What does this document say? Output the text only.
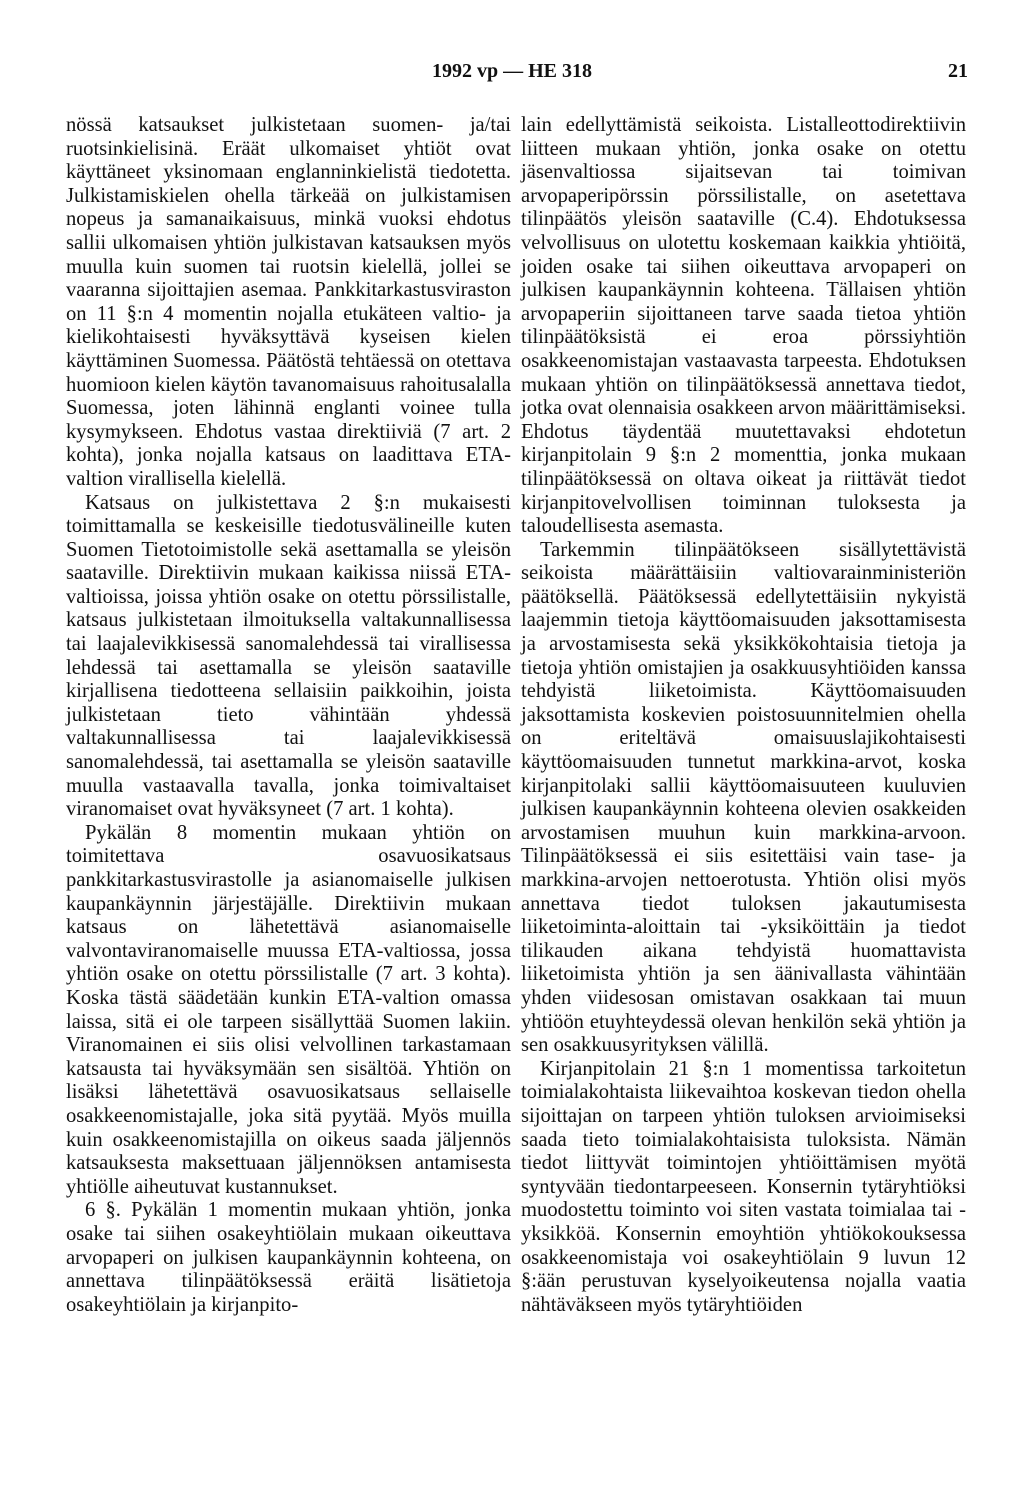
1992 vp — HE 318	21

nössä katsaukset julkistetaan suomen- ja/tai ruotsinkielisinä. Eräät ulkomaiset yhtiöt ovat käyttäneet yksinomaan englanninkielistä tiedotetta. Julkistamiskielen ohella tärkeää on julkistamisen nopeus ja samanaikaisuus, minkä vuoksi ehdotus sallii ulkomaisen yhtiön julkistavan katsauksen myös muulla kuin suomen tai ruotsin kielellä, jollei se vaaranna sijoittajien asemaa. Pankkitarkastusviraston on 11 §:n 4 momentin nojalla etukäteen valtio- ja kielikohtaisesti hyväksyttävä kyseisen kielen käyttäminen Suomessa. Päätöstä tehtäessä on otettava huomioon kielen käytön tavanomaisuus rahoitusalalla Suomessa, joten lähinnä englanti voinee tulla kysymykseen. Ehdotus vastaa direktiiviä (7 art. 2 kohta), jonka nojalla katsaus on laadittava ETA-valtion virallisella kielellä.

Katsaus on julkistettava 2 §:n mukaisesti toimittamalla se keskeisille tiedotusvälineille kuten Suomen Tietotoimistolle sekä asettamalla se yleisön saataville. Direktiivin mukaan kaikissa niissä ETA-valtioissa, joissa yhtiön osake on otettu pörssilistalle, katsaus julkistetaan ilmoituksella valtakunnallisessa tai laajalevikkisessä sanomalehdessä tai virallisessa lehdessä tai asettamalla se yleisön saataville kirjallisena tiedotteena sellaisiin paikkoihin, joista julkistetaan tieto vähintään yhdessä valtakunnallisessa tai laajalevikkisessä sanomalehdessä, tai asettamalla se yleisön saataville muulla vastaavalla tavalla, jonka toimivaltaiset viranomaiset ovat hyväksyneet (7 art. 1 kohta).

Pykälän 8 momentin mukaan yhtiön on toimitettava osavuosikatsaus pankkitarkastusvirastolle ja asianomaiselle julkisen kaupankäynnin järjestäjälle. Direktiivin mukaan katsaus on lähetettävä asianomaiselle valvontaviranomaiselle muussa ETA-valtiossa, jossa yhtiön osake on otettu pörssilistalle (7 art. 3 kohta). Koska tästä säädetään kunkin ETA-valtion omassa laissa, sitä ei ole tarpeen sisällyttää Suomen lakiin. Viranomainen ei siis olisi velvollinen tarkastamaan katsausta tai hyväksymään sen sisältöä. Yhtiön on lisäksi lähetettävä osavuosikatsaus sellaiselle osakkeenomistajalle, joka sitä pyytää. Myös muilla kuin osakkeenomistajilla on oikeus saada jäljennös katsauksesta maksettuaan jäljennöksen antamisesta yhtiölle aiheutuvat kustannukset.

6 §. Pykälän 1 momentin mukaan yhtiön, jonka osake tai siihen osakeyhtiölain mukaan oikeuttava arvopaperi on julkisen kaupankäynnin kohteena, on annettava tilinpäätöksessä eräitä lisätietoja osakeyhtiölain ja kirjanpito-

lain edellyttämistä seikoista. Listalleottodirektiivin liitteen mukaan yhtiön, jonka osake on otettu jäsenvaltiossa sijaitsevan tai toimivan arvopaperipörssin pörssilistalle, on asetettava tilinpäätös yleisön saataville (C.4). Ehdotuksessa velvollisuus on ulotettu koskemaan kaikkia yhtiöitä, joiden osake tai siihen oikeuttava arvopaperi on julkisen kaupankäynnin kohteena. Tällaisen yhtiön arvopaperiin sijoittaneen tarve saada tietoa yhtiön tilinpäätöksistä ei eroa pörssiyhtiön osakkeenomistajan vastaavasta tarpeesta. Ehdotuksen mukaan yhtiön on tilinpäätöksessä annettava tiedot, jotka ovat olennaisia osakkeen arvon määrittämiseksi. Ehdotus täydentää muutettavaksi ehdotetun kirjanpitolain 9 §:n 2 momenttia, jonka mukaan tilinpäätöksessä on oltava oikeat ja riittävät tiedot kirjanpitovelvollisen toiminnan tuloksesta ja taloudellisesta asemasta.

Tarkemmin tilinpäätökseen sisällytettävistä seikoista määrättäisiin valtiovarainministeriön päätöksellä. Päätöksessä edellytettäisiin nykyistä laajemmin tietoja käyttöomaisuuden jaksottamisesta ja arvostamisesta sekä yksikkökohtaisia tietoja ja tietoja yhtiön omistajien ja osakkuusyhtiöiden kanssa tehdyistä liiketoimista. Käyttöomaisuuden jaksottamista koskevien poistosuunnitelmien ohella on eriteltävä omaisuuslajikohtaisesti käyttöomaisuuden tunnetut markkina-arvot, koska kirjanpitolaki sallii käyttöomaisuuteen kuuluvien julkisen kaupankäynnin kohteena olevien osakkeiden arvostamisen muuhun kuin markkina-arvoon. Tilinpäätöksessä ei siis esitettäisi vain tase- ja markkina-arvojen nettoerotusta. Yhtiön olisi myös annettava tiedot tuloksen jakautumisesta liiketoiminta-aloittain tai -yksiköittäin ja tiedot tilikauden aikana tehdyistä huomattavista liiketoimista yhtiön ja sen äänivallasta vähintään yhden viidesosan omistavan osakkaan tai muun yhtiöön etuyhteydessä olevan henkilön sekä yhtiön ja sen osakkuusyrityksen välillä.

Kirjanpitolain 21 §:n 1 momentissa tarkoitetun toimialakohtaista liikevaihtoa koskevan tiedon ohella sijoittajan on tarpeen yhtiön tuloksen arvioimiseksi saada tieto toimialakohtaisista tuloksista. Nämän tiedot liittyvät toimintojen yhtiöittämisen myötä syntyvään tiedontarpeeseen. Konsernin tytäryhtiöksi muodostettu toiminto voi siten vastata toimialaa tai -yksikköä. Konsernin emoyhtiön yhtiökokouksessa osakkeenomistaja voi osakeyhtiölain 9 luvun 12 §:ään perustuvan kyselyoikeutensa nojalla vaatia nähtäväkseen myös tytäryhtiöiden
